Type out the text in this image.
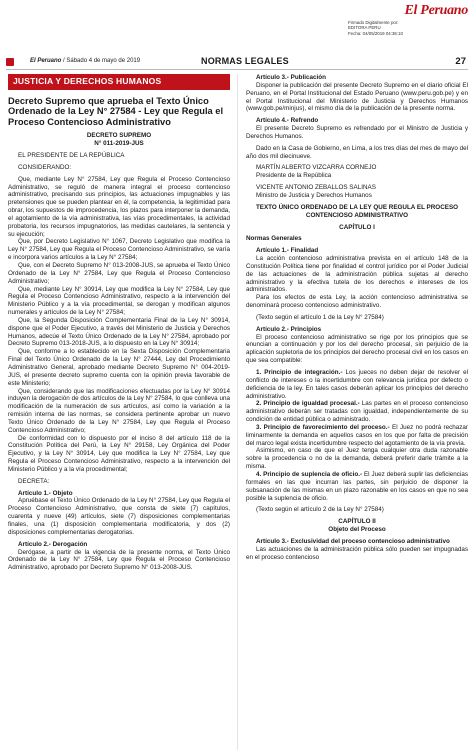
El Peruano
Firmado Digitalmente por:
EDITORA PERU
Fecha: 04/05/2019 04:36:10
El Peruano / Sábado 4 de mayo de 2019	NORMAS LEGALES	27
JUSTICIA Y DERECHOS HUMANOS
Decreto Supremo que aprueba el Texto Único Ordenado de la Ley N° 27584 - Ley que Regula el Proceso Contencioso Administrativo
DECRETO SUPREMO
N° 011-2019-JUS

EL PRESIDENTE DE LA REPÚBLICA

CONSIDERANDO:

Que, mediante Ley N° 27584, Ley que Regula el Proceso Contencioso Administrativo, se reguló de manera integral el proceso contencioso administrativo, precisando sus principios, las actuaciones impugnables y las pretensiones que se pueden plantear en él, la competencia, la legitimidad para obrar, los supuestos de improcedencia, los plazos para interponer la demanda, el agotamiento de la vía administrativa, las vías procedimentales, la actividad probatoria, los recursos impugnatorios, las medidas cautelares, la sentencia y su ejecución;

Que, por Decreto Legislativo N° 1067, Decreto Legislativo que modifica la Ley N° 27584, Ley que Regula el Proceso Contencioso Administrativo, se varía e incorpora varios artículos a la Ley N° 27584;

Que, con el Decreto Supremo N° 013-2008-JUS, se aprueba el Texto Único Ordenado de la Ley N° 27584, Ley que Regula el Proceso Contencioso Administrativo;

Que, mediante Ley N° 30914, Ley que modifica la Ley N° 27584, Ley que Regula el Proceso Contencioso Administrativo, respecto a la intervención del Ministerio Público y a la vía procedimental, se derogan y modifican algunos numerales y artículos de la Ley N° 27584;

Que, la Segunda Disposición Complementaria Final de la Ley N° 30914, dispone que el Poder Ejecutivo, a través del Ministerio de Justicia y Derechos Humanos, adecúe el Texto Único Ordenado de la Ley N° 27584, aprobado por Decreto Supremo 013-2018-JUS, a lo dispuesto en la Ley N° 30914;

Que, conforme a lo establecido en la Sexta Disposición Complementaria Final del Texto Único Ordenado de la Ley N° 27444, Ley del Procedimiento Administrativo General, aprobado mediante Decreto Supremo N° 004-2019-JUS, el presente decreto supremo cuenta con la opinión previa favorable de este Ministerio;

Que, considerando que las modificaciones efectuadas por la Ley N° 30914 induyen la derogación de dos artículos de la Ley N° 27584, lo que conlleva una modificación de la numeración de sus artículos, así como la variación a la remisión interna de las normas, se considera pertinente aprobar un nuevo Texto Único Ordenado de la Ley N° 27584, Ley que Regula el Proceso Contencioso Administrativo;

De conformidad con lo dispuesto por el inciso 8 del artículo 118 de la Constitución Política del Perú, la Ley N° 29158, Ley Orgánica del Poder Ejecutivo, y la Ley N° 30914, Ley que modifica la Ley N° 27584, Ley que Regula el Proceso Contencioso Administrativo, respecto a la intervención del Ministerio Público y a la vía procedimental;

DECRETA:

Artículo 1.- Objeto

Apruébase el Texto Único Ordenado de la Ley N° 27584, Ley que Regula el Proceso Contencioso Administrativo, que consta de siete (7) capítulos, cuarenta y nueve (49) artículos, siete (7) disposiciones complementarias finales, una (1) disposición complementaria modificatoria, y dos (2) disposiciones complementarias derogatorias.

Artículo 2.- Derogación

Derógase, a partir de la vigencia de la presente norma, el Texto Único Ordenado de la Ley N° 27584, Ley que Regula el Proceso Contencioso Administrativo, aprobado por Decreto Supremo N° 013-2008-JUS.

Artículo 3.- Publicación

Disponer la publicación del presente Decreto Supremo en el diario oficial El Peruano, en el Portal Institucional del Estado Peruano (www.peru.gob.pe) y en el Portal Institucional del Ministerio de Justicia y Derechos Humanos (www.gob.pe/minjus), el mismo día de la publicación de la presente norma.

Artículo 4.- Refrendo

El presente Decreto Supremo es refrendado por el Ministro de Justicia y Derechos Humanos.

Dado en la Casa de Gobierno, en Lima, a los tres días del mes de mayo del año dos mil diecinueve.

MARTÍN ALBERTO VIZCARRA CORNEJO

Presidente de la República

VICENTE ANTONIO ZEBALLOS SALINAS

Ministro de Justicia y Derechos Humanos

TEXTO ÚNICO ORDENADO DE LA LEY QUE REGULA EL PROCESO CONTENCIOSO ADMINISTRATIVO
CAPÍTULO I

Normas Generales

Artículo 1.- Finalidad

La acción contencioso administrativa prevista en el artículo 148 de la Constitución Política tiene por finalidad el control jurídico por el Poder Judicial de las actuaciones de la administración pública sujetas al derecho administrativo y la efectiva tutela de los derechos e intereses de los administrados.

Para los efectos de esta Ley, la acción contencioso administrativa se denominará proceso contencioso administrativo.

(Texto según el artículo 1 de la Ley N° 27584)

Artículo 2.- Principios

El proceso contencioso administrativo se rige por los principios que se enuncian a continuación y por los del derecho procesal, sin perjuicio de la aplicación supletoria de los principios del derecho procesal civil en los casos en que sea compatible:

1. Principio de integración.- Los jueces no deben dejar de resolver el conflicto de intereses o la incertidumbre con relevancia jurídica por defecto o deficiencia de la ley. En tales casos deberán aplicar los principios del derecho administrativo.

2. Principio de igualdad procesal.- Las partes en el proceso contencioso administrativo deberán ser tratadas con igualdad, independientemente de su condición de entidad pública o administrado.

3. Principio de favorecimiento del proceso.- El Juez no podrá rechazar liminarmente la demanda en aquellos casos en los que por falta de precisión del marco legal exista incertidumbre respecto del agotamiento de la vía previa.

Asimismo, en caso de que el Juez tenga cualquier otra duda razonable sobre la procedencia o no de la demanda, deberá preferir darle trámite a la misma.

4. Principio de suplencia de oficio.- El Juez deberá suplir las deficiencias formales en las que incurran las partes, sin perjuicio de disponer la subsanación de las mismas en un plazo razonable en los casos en que no sea posible la suplencia de oficio.

(Texto según el artículo 2 de la Ley N° 27584)

CAPÍTULO II
Objeto del Proceso

Artículo 3.- Exclusividad del proceso contencioso administrativo

Las actuaciones de la administración pública sólo pueden ser impugnadas en el proceso contencioso
